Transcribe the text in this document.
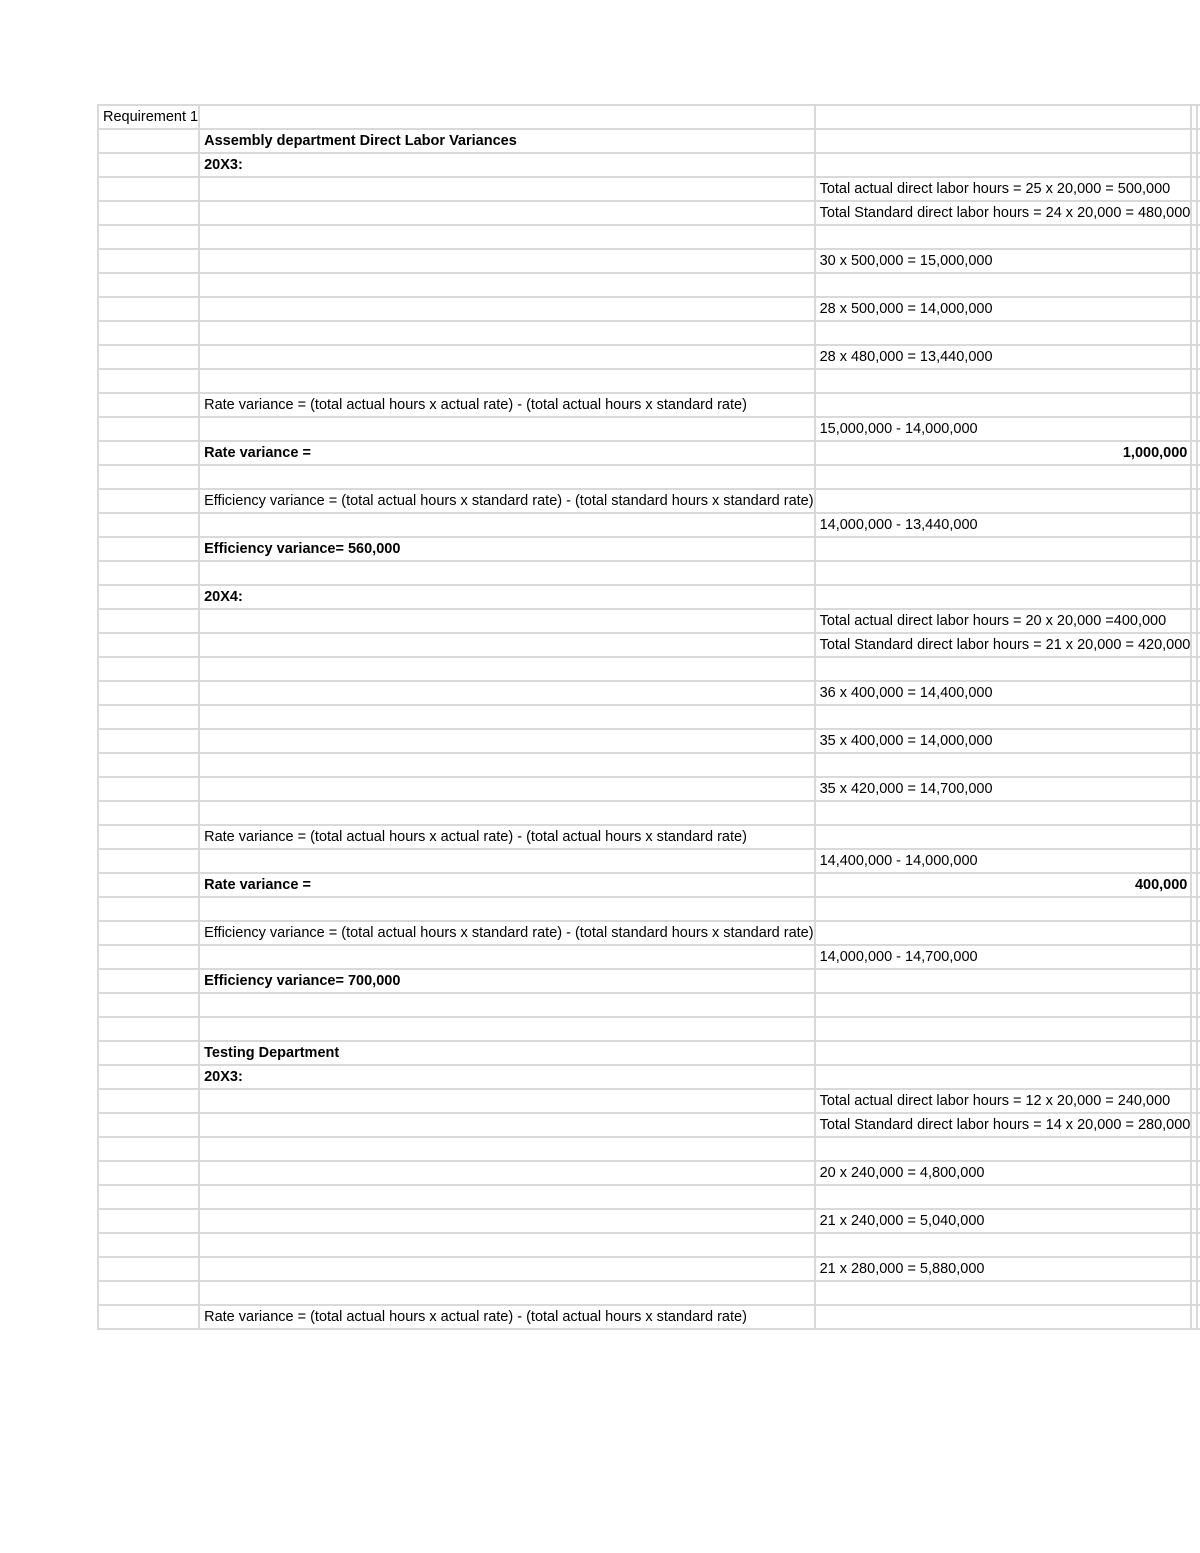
Requirement 1							
	Assembly department Direct Labor Variances						
	20X3:						
		Total actual direct labor hours = 25 x 20,000 = 500,000					
		Total Standard direct labor hours = 24 x 20,000 = 480,000					

		30 x 500,000 = 15,000,000					

		28 x 500,000 = 14,000,000					

		28 x 480,000 = 13,440,000					

	Rate variance = (total actual hours x actual rate) - (total actual hours x standard rate)						
		15,000,000 - 14,000,000					
	Rate variance =	1,000,000					

	Efficiency variance = (total actual hours x standard rate) - (total standard hours x standard rate)						
		14,000,000 - 13,440,000					
	Efficiency variance= 560,000						

	20X4:						
		Total actual direct labor hours = 20 x 20,000 =400,000					
		Total Standard direct labor hours = 21 x 20,000 = 420,000					

		36 x 400,000 = 14,400,000					

		35 x 400,000 = 14,000,000					

		35 x 420,000 = 14,700,000					

	Rate variance = (total actual hours x actual rate) - (total actual hours x standard rate)						
		14,400,000 - 14,000,000					
	Rate variance =	400,000					

	Efficiency variance = (total actual hours x standard rate) - (total standard hours x standard rate)						
		14,000,000 - 14,700,000					
	Efficiency variance= 700,000						

	Testing Department						
	20X3:						
		Total actual direct labor hours = 12 x 20,000 = 240,000					
		Total Standard direct labor hours = 14 x 20,000 = 280,000					

		20 x 240,000 = 4,800,000					

		21 x 240,000 = 5,040,000					

		21 x 280,000 = 5,880,000					

	Rate variance = (total actual hours x actual rate) - (total actual hours x standard rate)						
